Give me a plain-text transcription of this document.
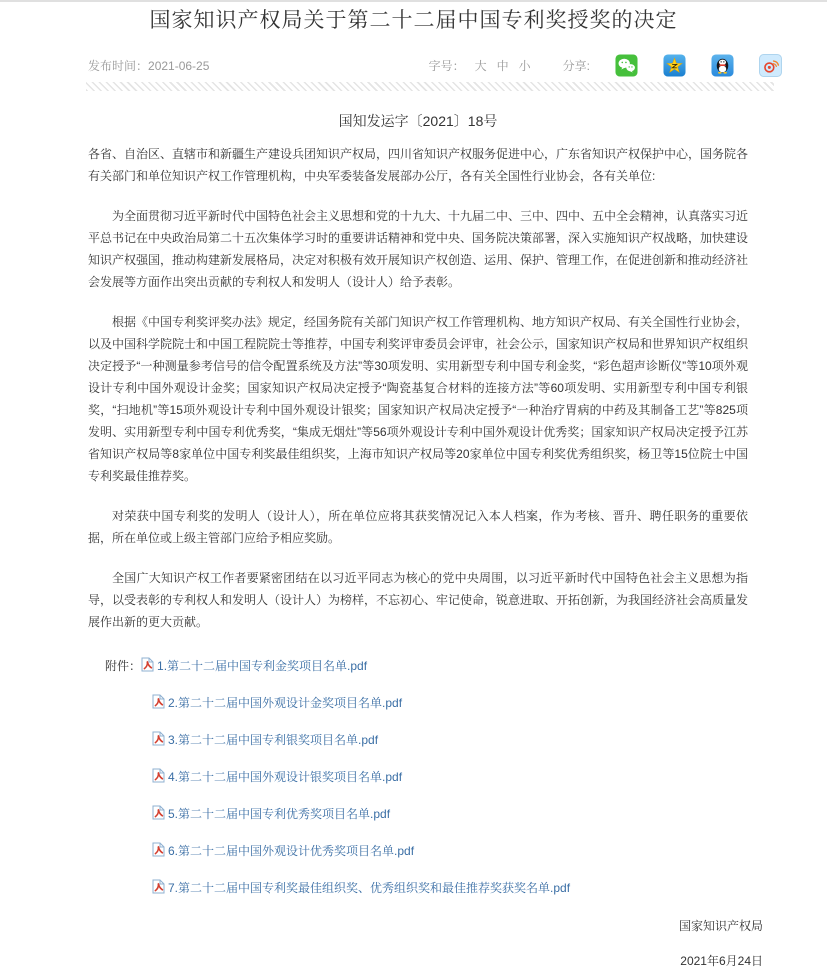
国家知识产权局关于第二十二届中国专利奖授奖的决定
发布时间：2021-06-25	字号： 大 中 小	分享:
国知发运字〔2021〕18号

各省、自治区、直辖市和新疆生产建设兵团知识产权局，四川省知识产权服务促进中心，广东省知识产权保护中心，国务院各有关部门和单位知识产权工作管理机构，中央军委装备发展部办公厅，各有关全国性行业协会，各有关单位:

为全面贯彻习近平新时代中国特色社会主义思想和党的十九大、十九届二中、三中、四中、五中全会精神，认真落实习近平总书记在中央政治局第二十五次集体学习时的重要讲话精神和党中央、国务院决策部署，深入实施知识产权战略，加快建设知识产权强国，推动构建新发展格局，决定对积极有效开展知识产权创造、运用、保护、管理工作，在促进创新和推动经济社会发展等方面作出突出贡献的专利权人和发明人（设计人）给予表彰。

根据《中国专利奖评奖办法》规定，经国务院有关部门知识产权工作管理机构、地方知识产权局、有关全国性行业协会，以及中国科学院院士和中国工程院院士等推荐，中国专利奖评审委员会评审，社会公示，国家知识产权局和世界知识产权组织决定授予“一种测量参考信号的信令配置系统及方法”等30项发明、实用新型专利中国专利金奖，“彩色超声诊断仪”等10项外观设计专利中国外观设计金奖；国家知识产权局决定授予“陶瓷基复合材料的连接方法”等60项发明、实用新型专利中国专利银奖，“扫地机”等15项外观设计专利中国外观设计银奖；国家知识产权局决定授予“一种治疗胃病的中药及其制备工艺”等825项发明、实用新型专利中国专利优秀奖，“集成无烟灶”等56项外观设计专利中国外观设计优秀奖；国家知识产权局决定授予江苏省知识产权局等8家单位中国专利奖最佳组织奖，上海市知识产权局等20家单位中国专利奖优秀组织奖，杨卫等15位院士中国专利奖最佳推荐奖。

对荣获中国专利奖的发明人（设计人），所在单位应将其获奖情况记入本人档案，作为考核、晋升、聘任职务的重要依据，所在单位或上级主管部门应给予相应奖励。

全国广大知识产权工作者要紧密团结在以习近平同志为核心的党中央周围，以习近平新时代中国特色社会主义思想为指导，以受表彰的专利权人和发明人（设计人）为榜样，不忘初心、牢记使命，锐意进取、开拓创新，为我国经济社会高质量发展作出新的更大贡献。

附件： 1.第二十二届中国专利金奖项目名单.pdf
2.第二十二届中国外观设计金奖项目名单.pdf
3.第二十二届中国专利银奖项目名单.pdf
4.第二十二届中国外观设计银奖项目名单.pdf
5.第二十二届中国专利优秀奖项目名单.pdf
6.第二十二届中国外观设计优秀奖项目名单.pdf
7.第二十二届中国专利奖最佳组织奖、优秀组织奖和最佳推荐奖获奖名单.pdf
国家知识产权局
2021年6月24日
